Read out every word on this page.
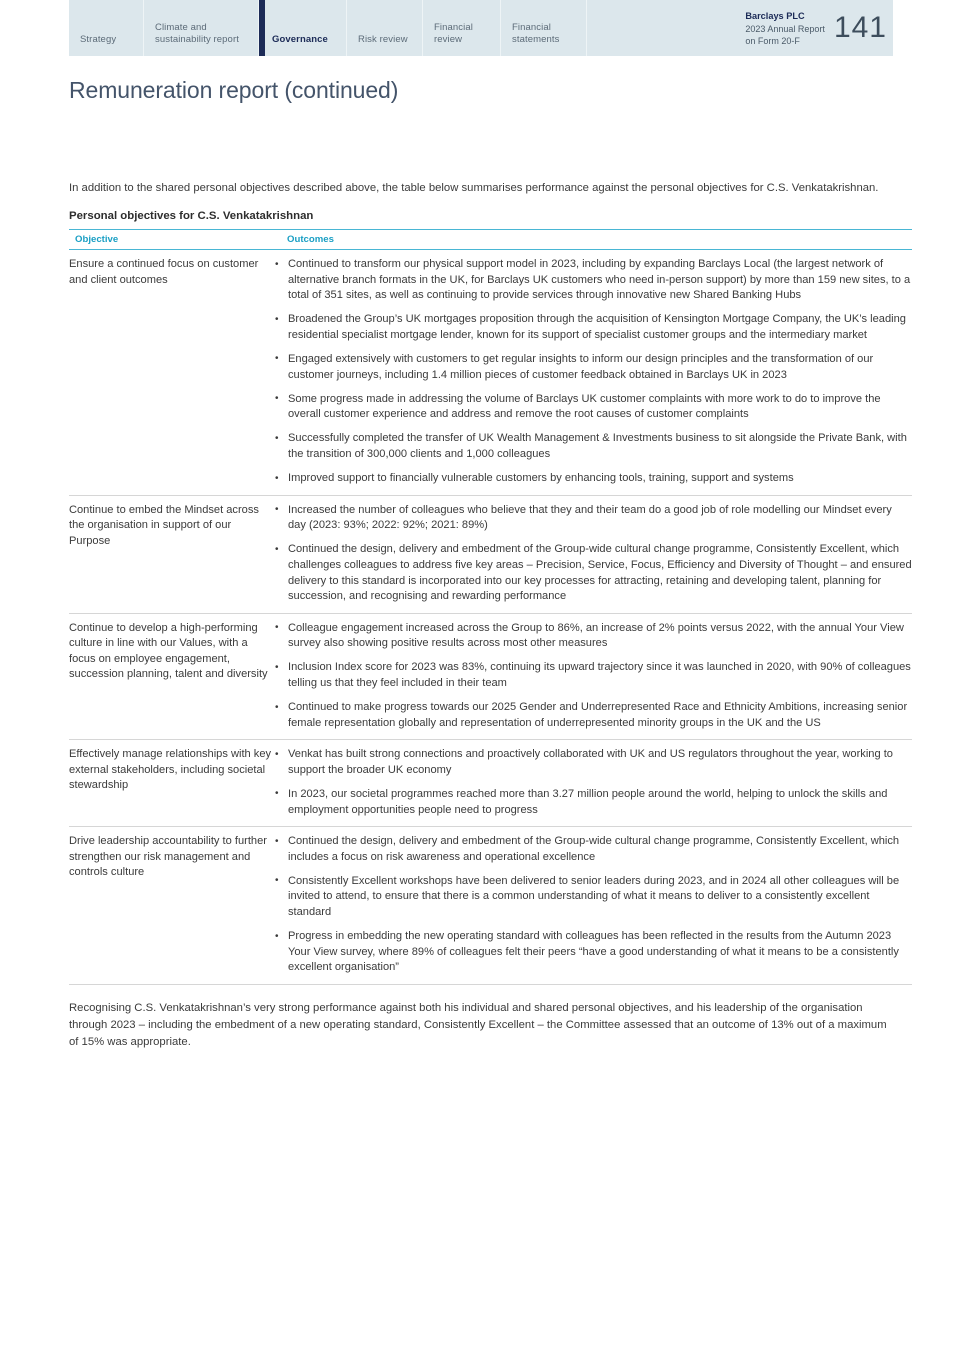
Strategy
Climate and sustainability report	Governance	Risk review
Financial review
Financial statements
Barclays PLC
2023 Annual Report
on Form 20-F	141
Remuneration report (continued)

In addition to the shared personal objectives described above, the table below summarises performance against the personal objectives for C.S. Venkatakrishnan.

Personal objectives for C.S. Venkatakrishnan
Objective	Outcomes
Ensure a continued focus on customer and client outcomes	
• Continued to transform our physical support model in 2023, including by expanding Barclays Local (the largest network of alternative branch formats in the UK, for Barclays UK customers who need in-person support) by more than 159 new sites, to a total of 351 sites, as well as continuing to provide services through innovative new Shared Banking Hubs
• Broadened the Group’s UK mortgages proposition through the acquisition of Kensington Mortgage Company, the UK’s leading residential specialist mortgage lender, known for its support of specialist customer groups and the intermediary market
• Engaged extensively with customers to get regular insights to inform our design principles and the transformation of our customer journeys, including 1.4 million pieces of customer feedback obtained in Barclays UK in 2023
• Some progress made in addressing the volume of Barclays UK customer complaints with more work to do to improve the overall customer experience and address and remove the root causes of customer complaints
• Successfully completed the transfer of UK Wealth Management & Investments business to sit alongside the Private Bank, with the transition of 300,000 clients and 1,000 colleagues
• Improved support to financially vulnerable customers by enhancing tools, training, support and systems

Continue to embed the Mindset across the organisation in support of our Purpose	
• Increased the number of colleagues who believe that they and their team do a good job of role modelling our Mindset every day (2023: 93%; 2022: 92%; 2021: 89%)
• Continued the design, delivery and embedment of the Group-wide cultural change programme, Consistently Excellent, which challenges colleagues to address five key areas – Precision, Service, Focus, Efficiency and Diversity of Thought – and ensured delivery to this standard is incorporated into our key processes for attracting, retaining and developing talent, planning for succession, and recognising and rewarding performance

Continue to develop a high-performing culture in line with our Values, with a focus on employee engagement, succession planning, talent and diversity	
• Colleague engagement increased across the Group to 86%, an increase of 2% points versus 2022, with the annual Your View survey also showing positive results across most other measures
• Inclusion Index score for 2023 was 83%, continuing its upward trajectory since it was launched in 2020, with 90% of colleagues telling us that they feel included in their team
• Continued to make progress towards our 2025 Gender and Underrepresented Race and Ethnicity Ambitions, increasing senior female representation globally and representation of underrepresented minority groups in the UK and the US

Effectively manage relationships with key external stakeholders, including societal stewardship	
• Venkat has built strong connections and proactively collaborated with UK and US regulators throughout the year, working to support the broader UK economy
• In 2023, our societal programmes reached more than 3.27 million people around the world, helping to unlock the skills and employment opportunities people need to progress

Drive leadership accountability to further strengthen our risk management and controls culture	
• Continued the design, delivery and embedment of the Group-wide cultural change programme, Consistently Excellent, which includes a focus on risk awareness and operational excellence
• Consistently Excellent workshops have been delivered to senior leaders during 2023, and in 2024 all other colleagues will be invited to attend, to ensure that there is a common understanding of what it means to deliver to a consistently excellent standard
• Progress in embedding the new operating standard with colleagues has been reflected in the results from the Autumn 2023 Your View survey, where 89% of colleagues felt their peers “have a good understanding of what it means to be a consistently excellent organisation”

Recognising C.S. Venkatakrishnan’s very strong performance against both his individual and shared personal objectives, and his leadership of the organisation through 2023 – including the embedment of a new operating standard, Consistently Excellent – the Committee assessed that an outcome of 13% out of a maximum of 15% was appropriate.
